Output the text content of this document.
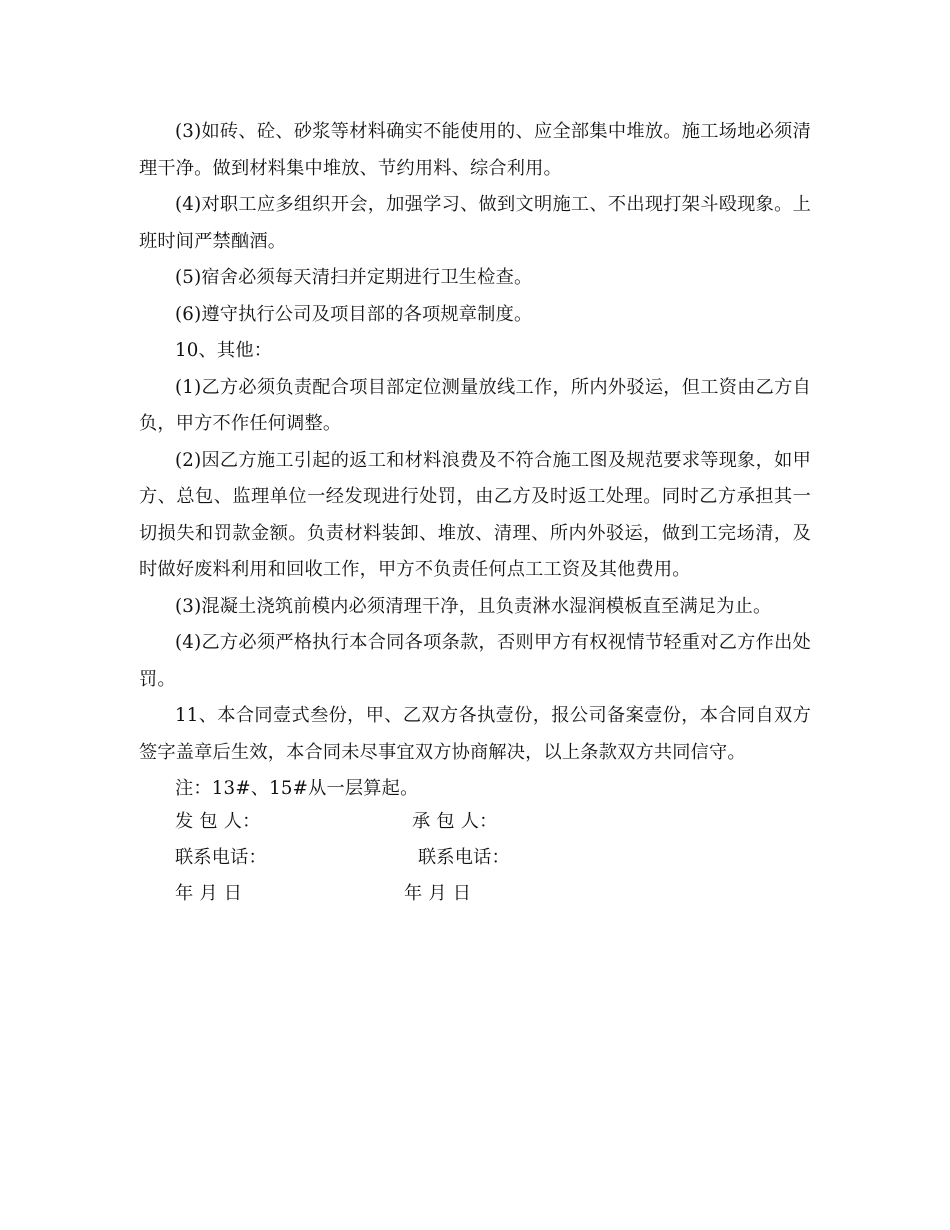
(3)如砖、砼、砂浆等材料确实不能使用的、应全部集中堆放。施工场地必须清理干净。做到材料集中堆放、节约用料、综合利用。

(4)对职工应多组织开会，加强学习、做到文明施工、不出现打架斗殴现象。上班时间严禁酗酒。

(5)宿舍必须每天清扫并定期进行卫生检查。

(6)遵守执行公司及项目部的各项规章制度。

10、其他：

(1)乙方必须负责配合项目部定位测量放线工作，所内外驳运，但工资由乙方自负，甲方不作任何调整。

(2)因乙方施工引起的返工和材料浪费及不符合施工图及规范要求等现象，如甲方、总包、监理单位一经发现进行处罚，由乙方及时返工处理。同时乙方承担其一切损失和罚款金额。负责材料装卸、堆放、清理、所内外驳运，做到工完场清，及时做好废料利用和回收工作，甲方不负责任何点工工资及其他费用。

(3)混凝土浇筑前模内必须清理干净，且负责淋水湿润模板直至满足为止。

(4)乙方必须严格执行本合同各项条款，否则甲方有权视情节轻重对乙方作出处罚。

11、本合同壹式叁份，甲、乙双方各执壹份，报公司备案壹份，本合同自双方签字盖章后生效，本合同未尽事宜双方协商解决，以上条款双方共同信守。

注：13#、15#从一层算起。

发 包 人：	承 包 人：
联系电话：	联系电话：
年 月 日	年 月 日
